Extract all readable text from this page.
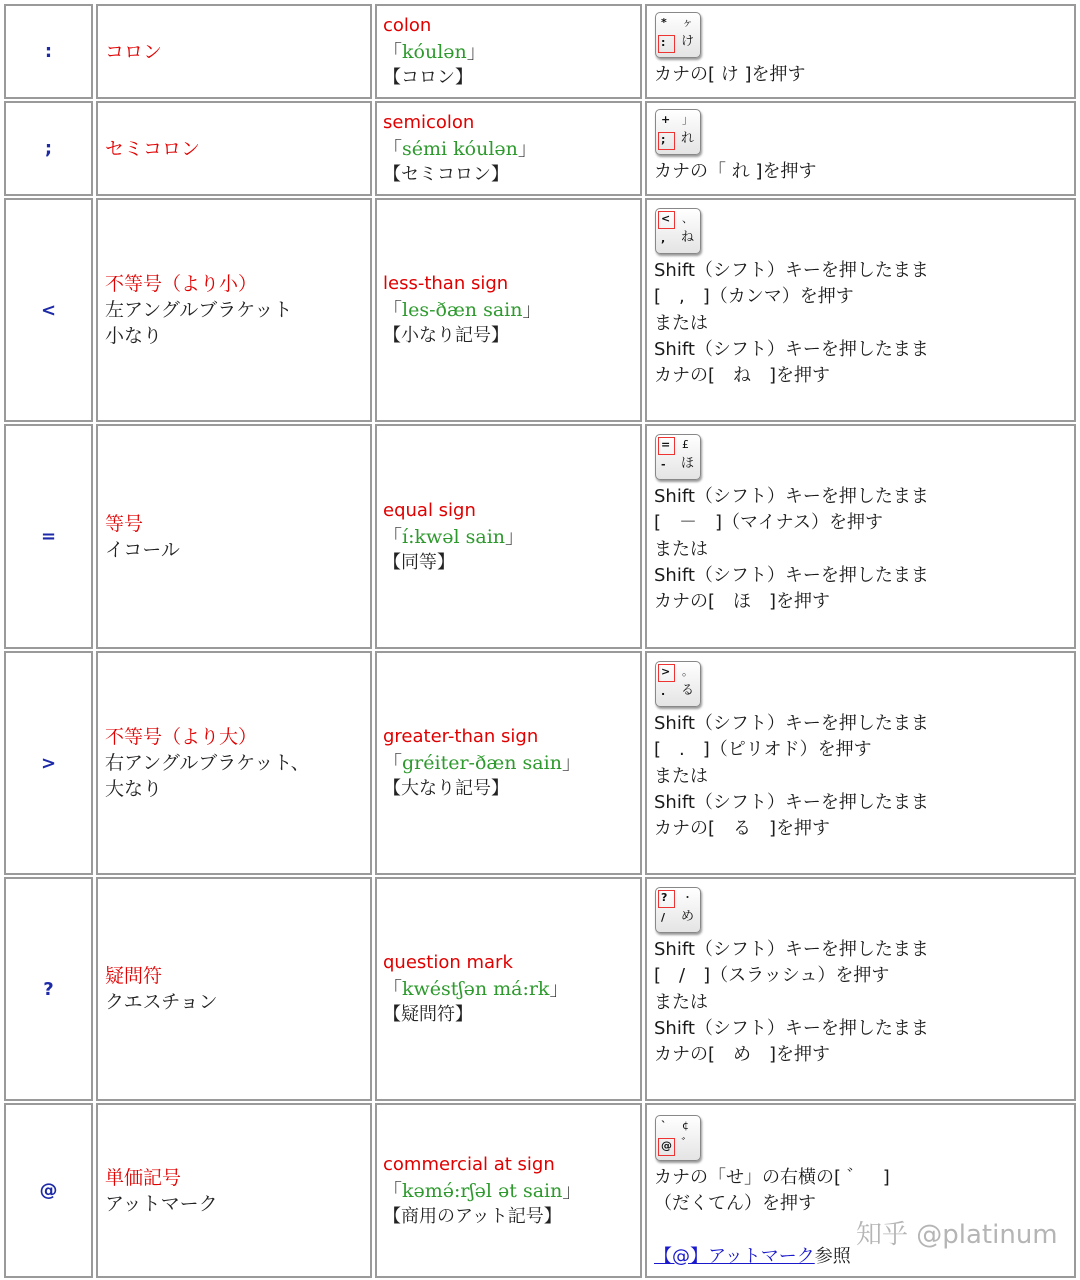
:	コロン
colon
「kóulən」
【コロン】
* ヶ
: け
カナの[ け ]を押す
;	セミコロン
semicolon
「sémi kóulən」
【セミコロン】
+ 」
; れ
カナの「 れ ]を押す
<
不等号（より小）
左アングルブラケット
小なり
less-than sign
「les-ðæn sain」
【小なり記号】
< 、
, ね
Shift（シフト）キーを押したまま
[　,　]（カンマ）を押す
または
Shift（シフト）キーを押したまま
カナの[　ね　]を押す
=
等号
イコール
equal sign
「í:kwəl sain」
【同等】
= £
- ほ
Shift（シフト）キーを押したまま
[　－　]（マイナス）を押す
または
Shift（シフト）キーを押したまま
カナの[　ほ　]を押す
>
不等号（より大）
右アングルブラケット、
大なり
greater-than sign
「gréiter-ðæn sain」
【大なり記号】
> 。
. る
Shift（シフト）キーを押したまま
[　.　]（ピリオド）を押す
または
Shift（シフト）キーを押したまま
カナの[　る　]を押す
?
疑問符
クエスチョン
question mark
「kwéstʃən má:rk」
【疑問符】
? ・
/ め
Shift（シフト）キーを押したまま
[　/　]（スラッシュ）を押す
または
Shift（シフト）キーを押したまま
カナの[　め　]を押す
@
単価記号
アットマーク
commercial at sign
「kəmə́:rʃəl ət sain」
【商用のアット記号】
` ¢
@ ゛
カナの「せ」の右横の[ ゛　]
（だくてん）を押す

【@】アットマーク参照
知乎 @platinum
